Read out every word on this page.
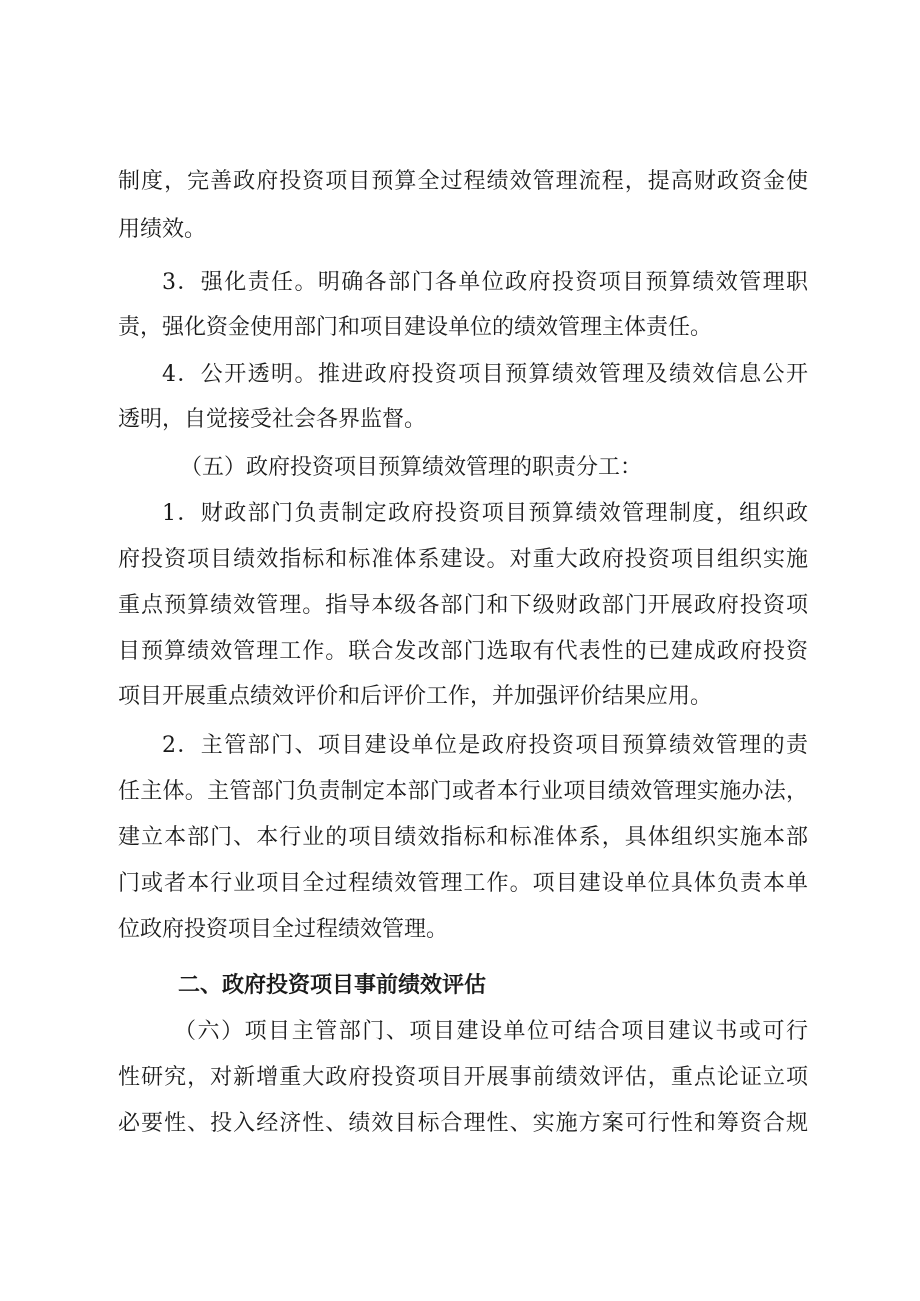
制度，完善政府投资项目预算全过程绩效管理流程，提高财政资金使
用绩效。
3．强化责任。明确各部门各单位政府投资项目预算绩效管理职
责，强化资金使用部门和项目建设单位的绩效管理主体责任。
4．公开透明。推进政府投资项目预算绩效管理及绩效信息公开
透明，自觉接受社会各界监督。
（五）政府投资项目预算绩效管理的职责分工：
1．财政部门负责制定政府投资项目预算绩效管理制度，组织政
府投资项目绩效指标和标准体系建设。对重大政府投资项目组织实施
重点预算绩效管理。指导本级各部门和下级财政部门开展政府投资项
目预算绩效管理工作。联合发改部门选取有代表性的已建成政府投资
项目开展重点绩效评价和后评价工作，并加强评价结果应用。
2．主管部门、项目建设单位是政府投资项目预算绩效管理的责
任主体。主管部门负责制定本部门或者本行业项目绩效管理实施办法，
建立本部门、本行业的项目绩效指标和标准体系，具体组织实施本部
门或者本行业项目全过程绩效管理工作。项目建设单位具体负责本单
位政府投资项目全过程绩效管理。
二、政府投资项目事前绩效评估
（六）项目主管部门、项目建设单位可结合项目建议书或可行
性研究，对新增重大政府投资项目开展事前绩效评估，重点论证立项
必要性、投入经济性、绩效目标合理性、实施方案可行性和筹资合规
